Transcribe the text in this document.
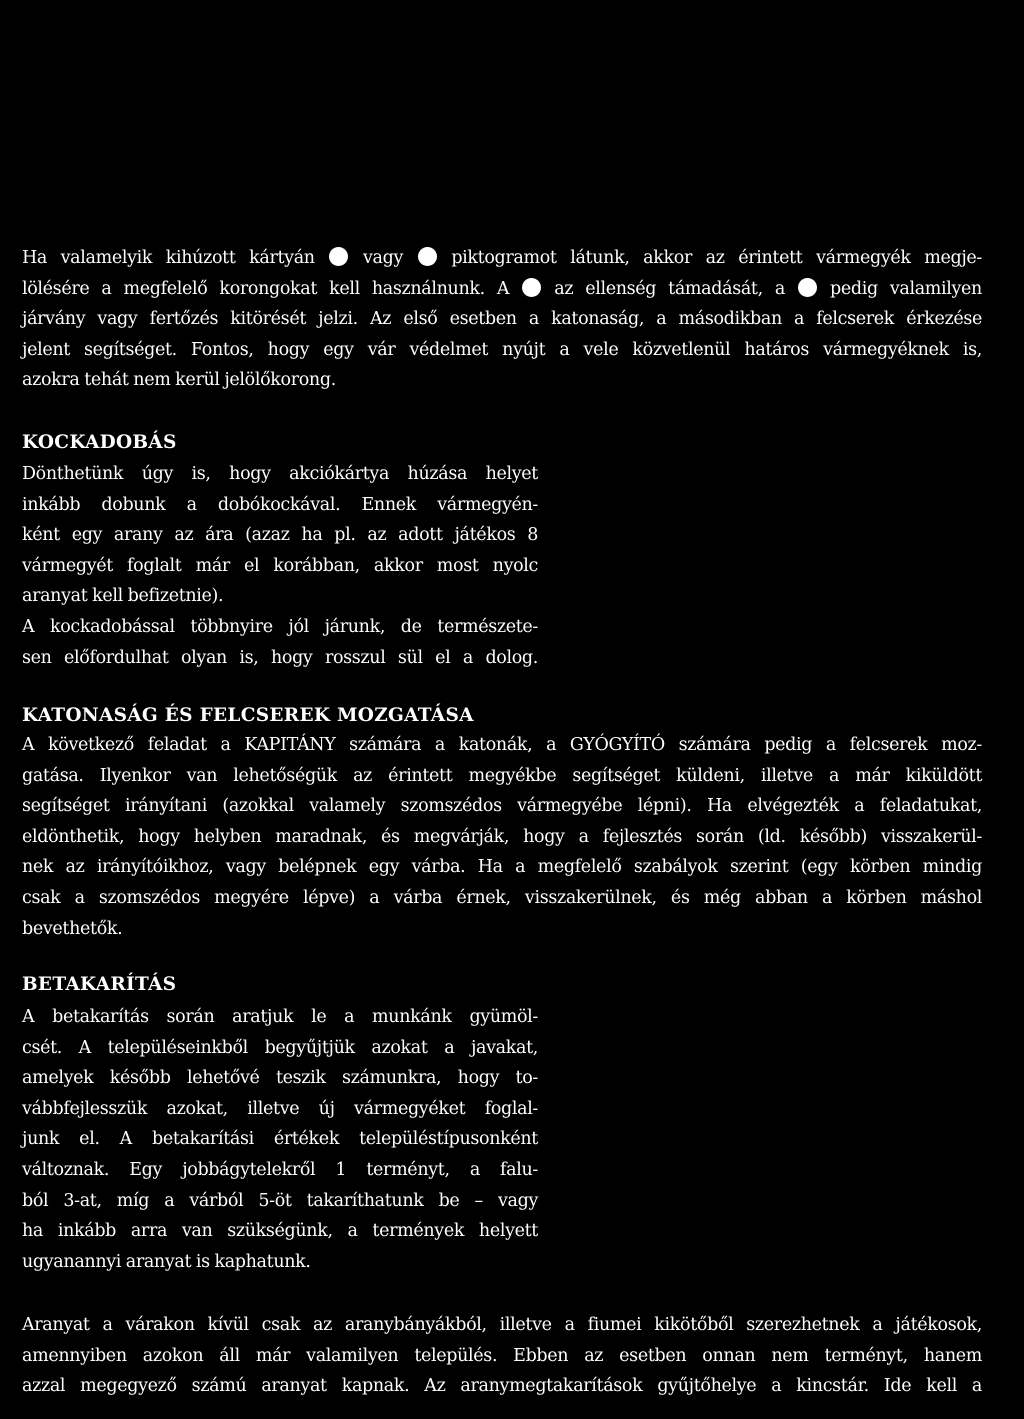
Ha valamelyik kihúzott kártyán	vagy	piktogramot látunk, akkor az érintett vármegyék megje-
lölésére a megfelelő korongokat kell használnunk. A	az ellenség támadását, a	pedig valamilyen
járvány vagy fertőzés kitörését jelzi. Az első esetben a katonaság, a másodikban a felcserek érkezése
jelent segítséget. Fontos, hogy egy vár védelmet nyújt a vele közvetlenül határos vármegyéknek is,
azokra tehát nem kerül jelölőkorong.
KOCKADOBÁS
Dönthetünk úgy is, hogy akciókártya húzása helyet
inkább dobunk a dobókockával. Ennek vármegyén-
ként egy arany az ára (azaz ha pl. az adott játékos 8
vármegyét foglalt már el korábban, akkor most nyolc
aranyat kell befizetnie).
A kockadobással többnyire jól járunk, de természete-
sen előfordulhat olyan is, hogy rosszul sül el a dolog.
KATONASÁG ÉS FELCSEREK MOZGATÁSA
A következő feladat a KAPITÁNY számára a katonák, a GYÓGYÍTÓ számára pedig a felcserek moz-
gatása. Ilyenkor van lehetőségük az érintett megyékbe segítséget küldeni, illetve a már kiküldött
segítséget irányítani (azokkal valamely szomszédos vármegyébe lépni). Ha elvégezték a feladatukat,
eldönthetik, hogy helyben maradnak, és megvárják, hogy a fejlesztés során (ld. később) visszakerül-
nek az irányítóikhoz, vagy belépnek egy várba. Ha a megfelelő szabályok szerint (egy körben mindig
csak a szomszédos megyére lépve) a várba érnek, visszakerülnek, és még abban a körben máshol
bevethetők.
BETAKARÍTÁS
A betakarítás során aratjuk le a munkánk gyümöl-
csét. A településeinkből begyűjtjük azokat a javakat,
amelyek később lehetővé teszik számunkra, hogy to-
vábbfejlesszük azokat, illetve új vármegyéket foglal-
junk el. A betakarítási értékek településtípusonként
változnak. Egy jobbágytelekről 1 terményt, a falu-
ból 3-at, míg a várból 5-öt takaríthatunk be – vagy
ha inkább arra van szükségünk, a termények helyett
ugyanannyi aranyat is kaphatunk.
Aranyat a várakon kívül csak az aranybányákból, illetve a fiumei kikötőből szerezhetnek a játékosok,
amennyiben azokon áll már valamilyen település. Ebben az esetben onnan nem terményt, hanem
azzal megegyező számú aranyat kapnak. Az aranymegtakarítások gyűjtőhelye a kincstár. Ide kell a
